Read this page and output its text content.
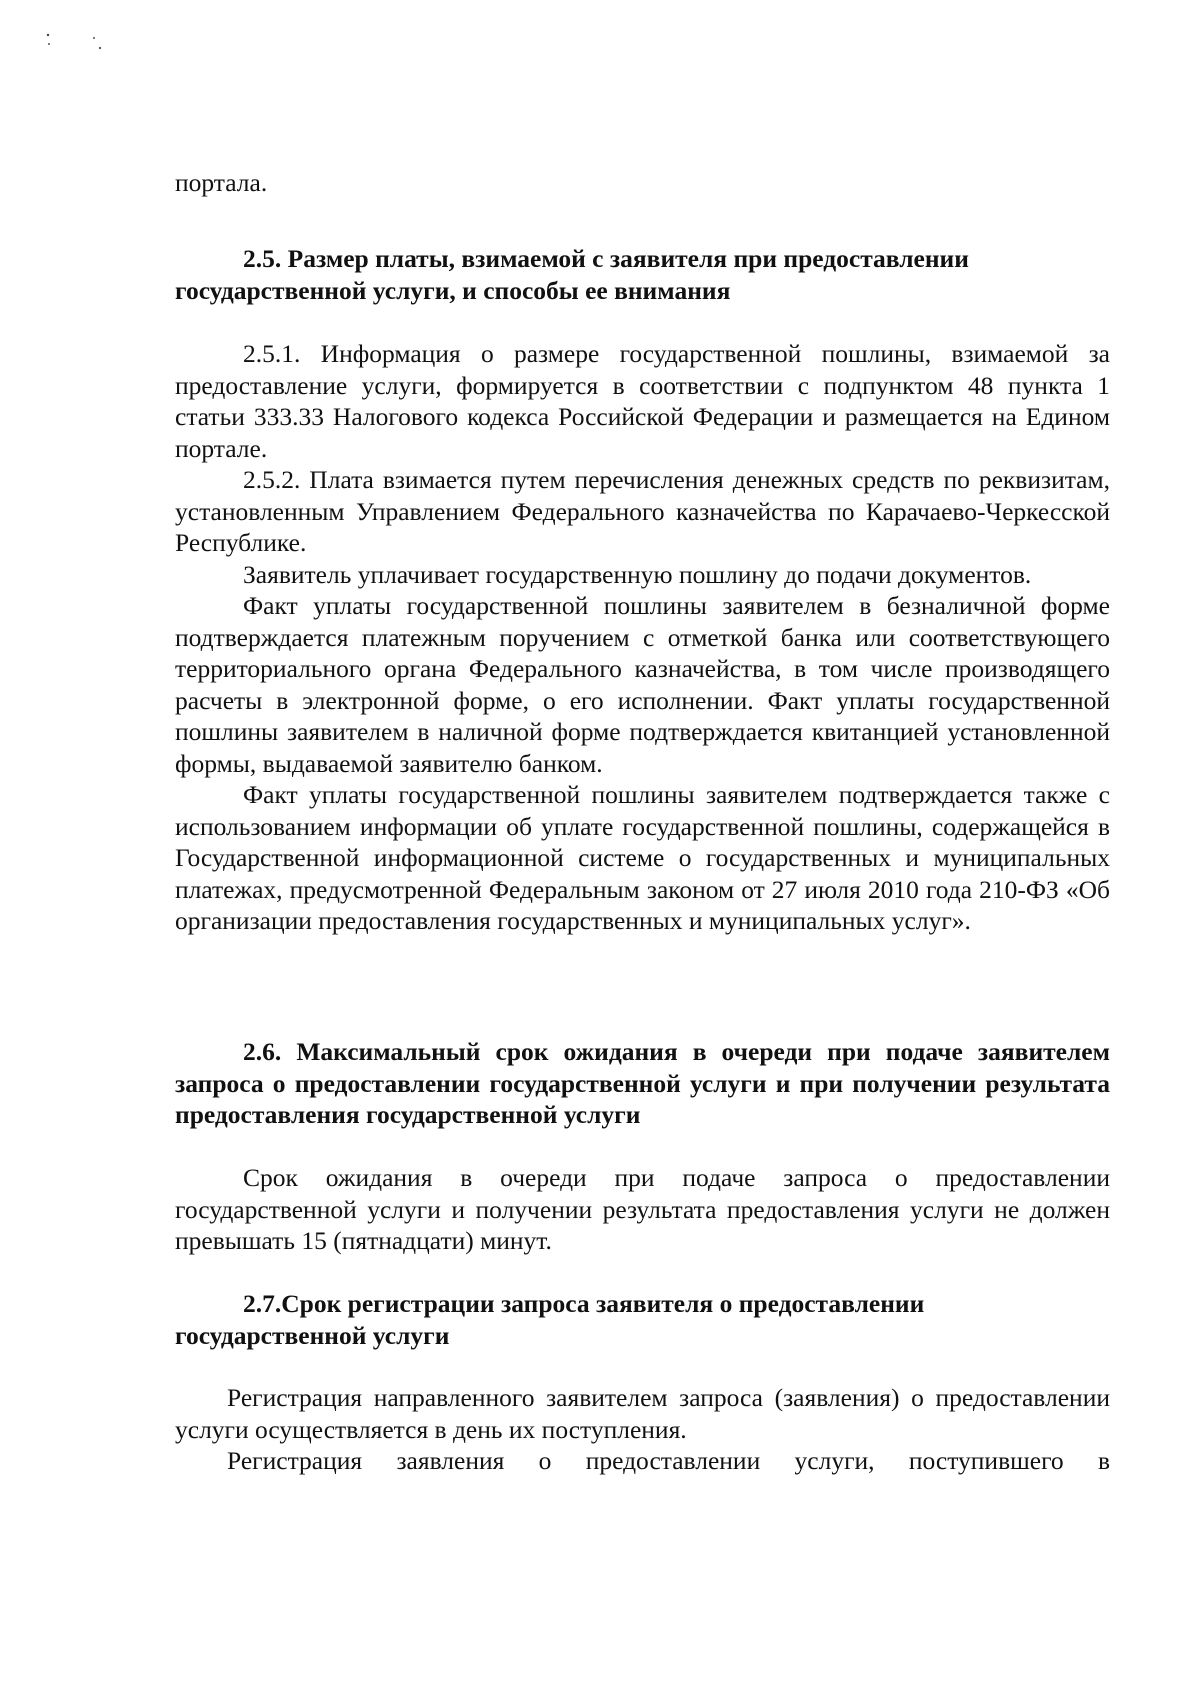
портала.

2.5. Размер платы, взимаемой с заявителя при предоставлении государственной услуги, и способы ее внимания

2.5.1. Информация о размере государственной пошлины, взимаемой за предоставление услуги, формируется в соответствии с подпунктом 48 пункта 1 статьи 333.33 Налогового кодекса Российской Федерации и размещается на Едином портале.

2.5.2. Плата взимается путем перечисления денежных средств по реквизитам, установленным Управлением Федерального казначейства по Карачаево-Черкесской Республике.

Заявитель уплачивает государственную пошлину до подачи документов.

Факт уплаты государственной пошлины заявителем в безналичной форме подтверждается платежным поручением с отметкой банка или соответствующего территориального органа Федерального казначейства, в том числе производящего расчеты в электронной форме, о его исполнении. Факт уплаты государственной пошлины заявителем в наличной форме подтверждается квитанцией установленной формы, выдаваемой заявителю банком.

Факт уплаты государственной пошлины заявителем подтверждается также с использованием информации об уплате государственной пошлины, содержащейся в Государственной информационной системе о государственных и муниципальных платежах, предусмотренной Федеральным законом от 27 июля 2010 года 210-ФЗ «Об организации предоставления государственных и муниципальных услуг».

2.6. Максимальный срок ожидания в очереди при подаче заявителем запроса о предоставлении государственной услуги и при получении результата предоставления государственной услуги

Срок ожидания в очереди при подаче запроса о предоставлении государственной услуги и получении результата предоставления услуги не должен превышать 15 (пятнадцати) минут.

2.7.Срок регистрации запроса заявителя о предоставлении государственной услуги

Регистрация направленного заявителем запроса (заявления) о предоставлении услуги осуществляется в день их поступления.

Регистрация заявления о предоставлении услуги, поступившего в
